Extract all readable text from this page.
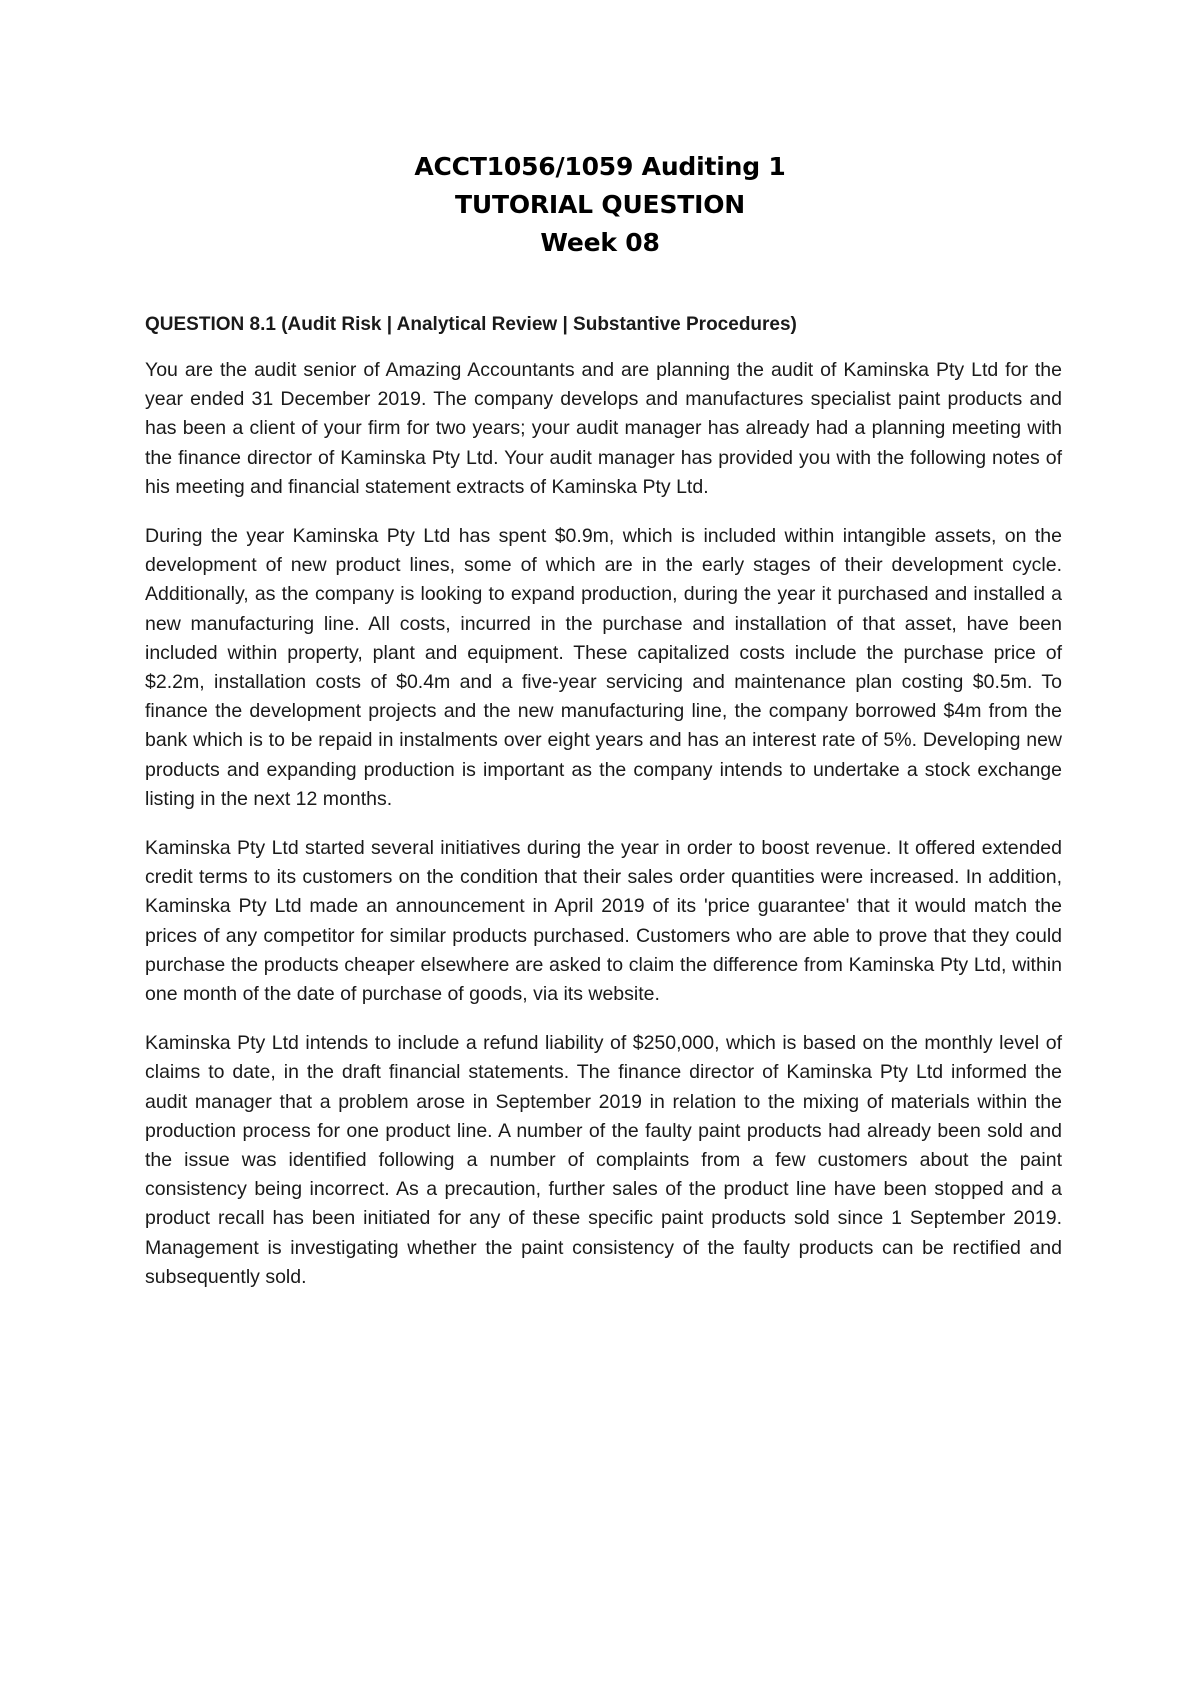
ACCT1056/1059 Auditing 1
TUTORIAL QUESTION
Week 08
QUESTION 8.1 (Audit Risk | Analytical Review | Substantive Procedures)

You are the audit senior of Amazing Accountants and are planning the audit of Kaminska Pty Ltd for the year ended 31 December 2019. The company develops and manufactures specialist paint products and has been a client of your firm for two years; your audit manager has already had a planning meeting with the finance director of Kaminska Pty Ltd. Your audit manager has provided you with the following notes of his meeting and financial statement extracts of Kaminska Pty Ltd.

During the year Kaminska Pty Ltd has spent $0.9m, which is included within intangible assets, on the development of new product lines, some of which are in the early stages of their development cycle. Additionally, as the company is looking to expand production, during the year it purchased and installed a new manufacturing line. All costs, incurred in the purchase and installation of that asset, have been included within property, plant and equipment. These capitalized costs include the purchase price of $2.2m, installation costs of $0.4m and a five-year servicing and maintenance plan costing $0.5m. To finance the development projects and the new manufacturing line, the company borrowed $4m from the bank which is to be repaid in instalments over eight years and has an interest rate of 5%. Developing new products and expanding production is important as the company intends to undertake a stock exchange listing in the next 12 months.

Kaminska Pty Ltd started several initiatives during the year in order to boost revenue. It offered extended credit terms to its customers on the condition that their sales order quantities were increased. In addition, Kaminska Pty Ltd made an announcement in April 2019 of its 'price guarantee' that it would match the prices of any competitor for similar products purchased. Customers who are able to prove that they could purchase the products cheaper elsewhere are asked to claim the difference from Kaminska Pty Ltd, within one month of the date of purchase of goods, via its website.

Kaminska Pty Ltd intends to include a refund liability of $250,000, which is based on the monthly level of claims to date, in the draft financial statements. The finance director of Kaminska Pty Ltd informed the audit manager that a problem arose in September 2019 in relation to the mixing of materials within the production process for one product line. A number of the faulty paint products had already been sold and the issue was identified following a number of complaints from a few customers about the paint consistency being incorrect. As a precaution, further sales of the product line have been stopped and a product recall has been initiated for any of these specific paint products sold since 1 September 2019. Management is investigating whether the paint consistency of the faulty products can be rectified and subsequently sold.
